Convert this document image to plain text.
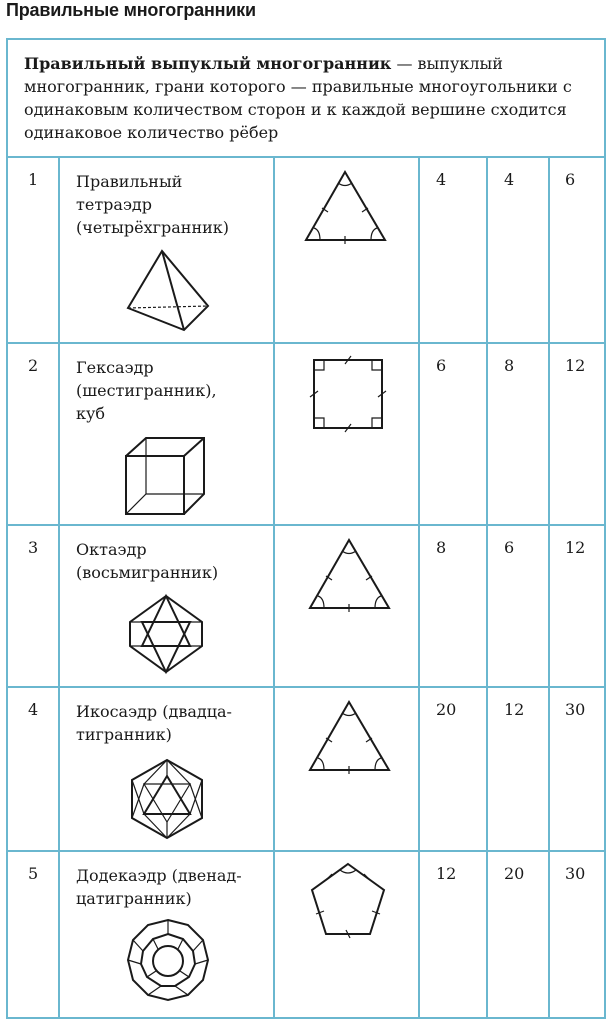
Правильные многогранники
Правильный выпуклый многогранник — выпуклый многогранник, грани которого — правильные многоугольники с одинаковым количеством сторон и к каждой вершине сходится одинаковое количество рёбер
1 Правильный
тетраэдр
(четырёхгранник)
4	4	6
2 Гексаэдр
(шестигранник),
куб
6	8	12
3 Октаэдр
(восьмигранник)
8	6	12
4 Икосаэдр (двадца-
тигранник)
20	12	30
5 Додекаэдр (двенад-
цатигранник)
12	20	30
